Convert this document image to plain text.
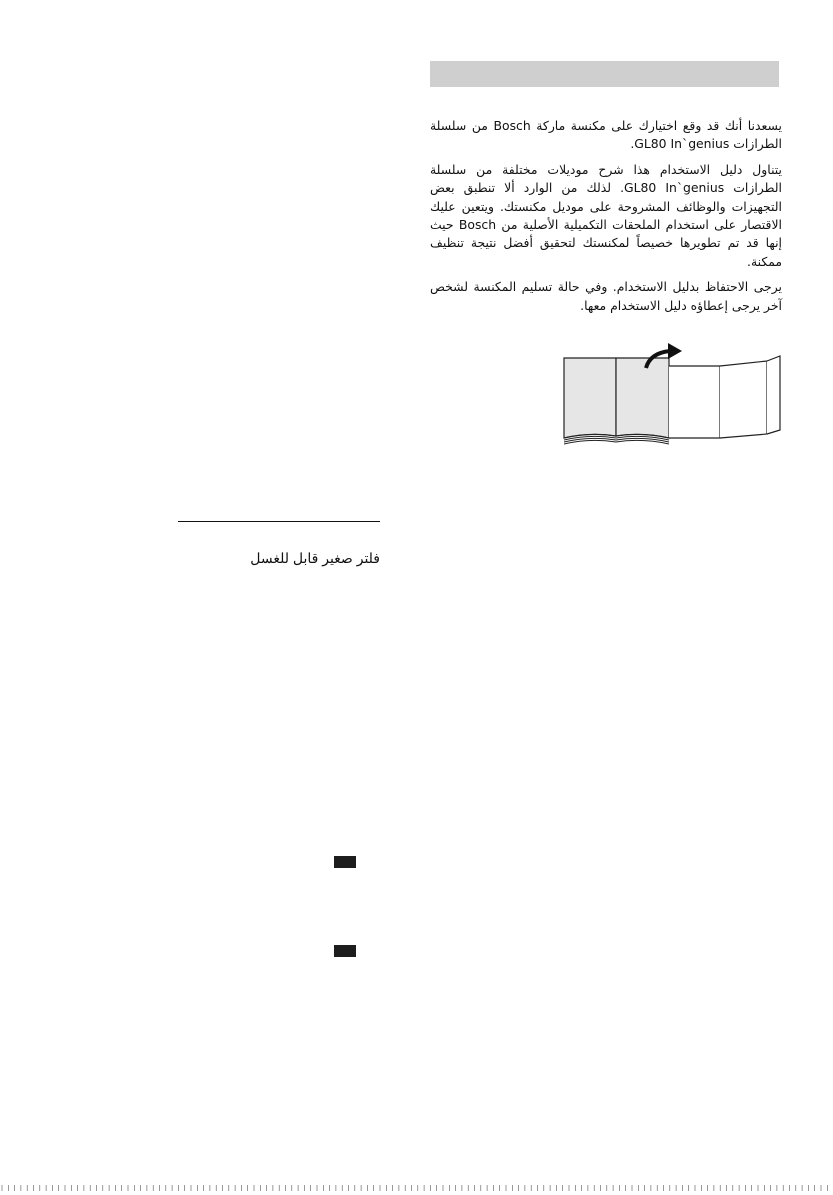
يسعدنا أنك قد وقع اختيارك على مكنسة ماركة Bosch من سلسلة الطرازات GL80 In`genius.

يتناول دليل الاستخدام هذا شرح موديلات مختلفة من سلسلة الطرازات GL80 In`genius. لذلك من الوارد ألا تنطبق بعض التجهيزات والوظائف المشروحة على موديل مكنستك. ويتعين عليك الاقتصار على استخدام الملحقات التكميلية الأصلية من Bosch حيث إنها قد تم تطويرها خصيصاً لمكنستك لتحقيق أفضل نتيجة تنظيف ممكنة.

يرجى الاحتفاظ بدليل الاستخدام. وفي حالة تسليم المكنسة لشخص آخر يرجى إعطاؤه دليل الاستخدام معها.

فلتر صغير قابل للغسل
